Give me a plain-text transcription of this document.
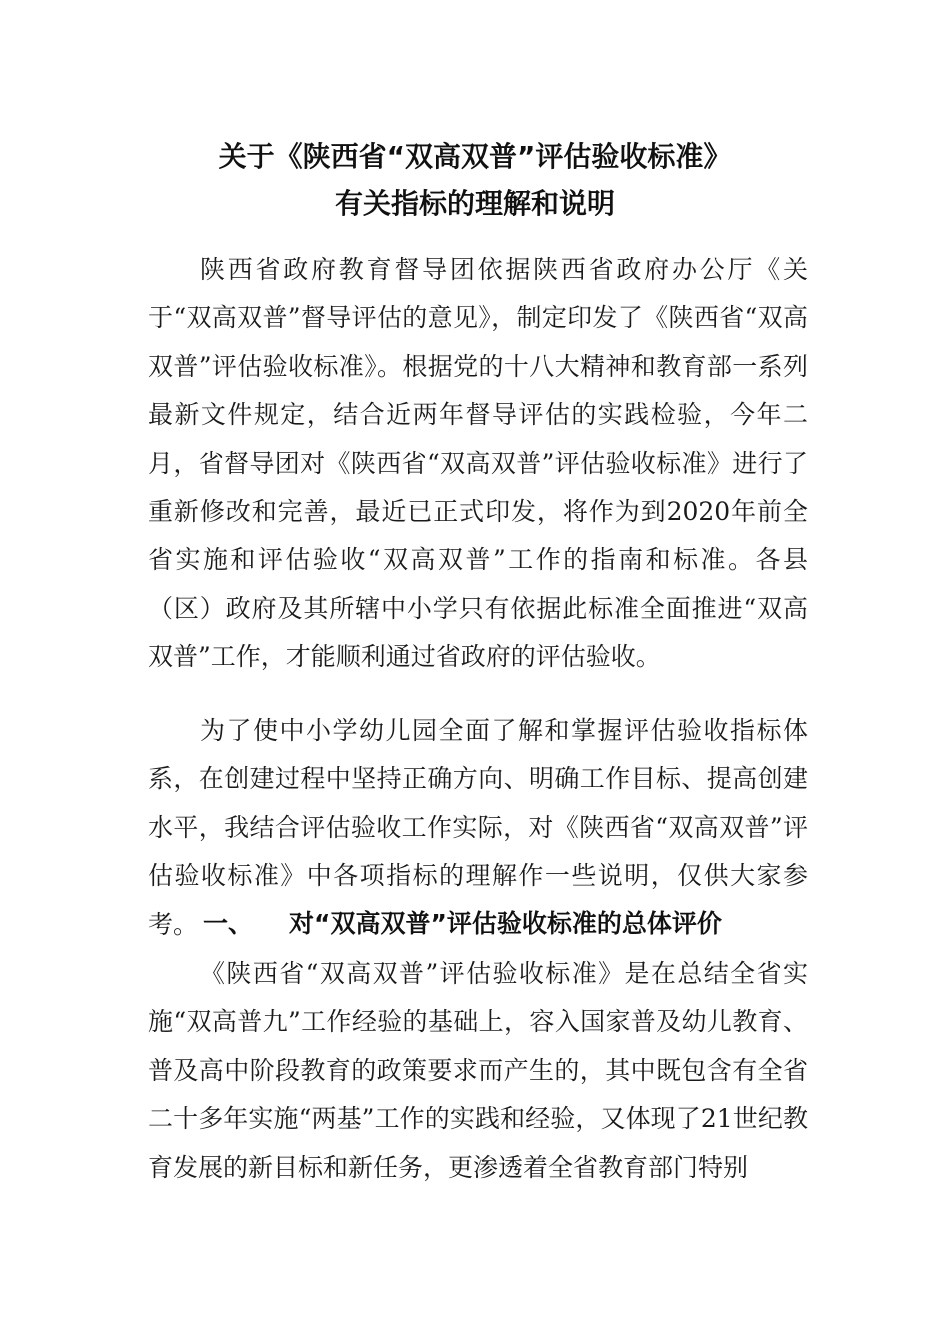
关于《陕西省“双高双普”评估验收标准》
有关指标的理解和说明
陕西省政府教育督导团依据陕西省政府办公厅《关于“双高双普”督导评估的意见》，制定印发了《陕西省“双高双普”评估验收标准》。根据党的十八大精神和教育部一系列最新文件规定，结合近两年督导评估的实践检验，今年二月，省督导团对《陕西省“双高双普”评估验收标准》进行了重新修改和完善，最近已正式印发，将作为到2020年前全省实施和评估验收“双高双普”工作的指南和标准。各县（区）政府及其所辖中小学只有依据此标准全面推进“双高双普”工作，才能顺利通过省政府的评估验收。
为了使中小学幼儿园全面了解和掌握评估验收指标体系，在创建过程中坚持正确方向、明确工作目标、提高创建水平，我结合评估验收工作实际，对《陕西省“双高双普”评估验收标准》中各项指标的理解作一些说明，仅供大家参考。 一、 对“双高双普”评估验收标准的总体评价
《陕西省“双高双普”评估验收标准》是在总结全省实施“双高普九”工作经验的基础上，容入国家普及幼儿教育、普及高中阶段教育的政策要求而产生的，其中既包含有全省二十多年实施“两基”工作的实践和经验，又体现了21世纪教育发展的新目标和新任务，更渗透着全省教育部门特别
